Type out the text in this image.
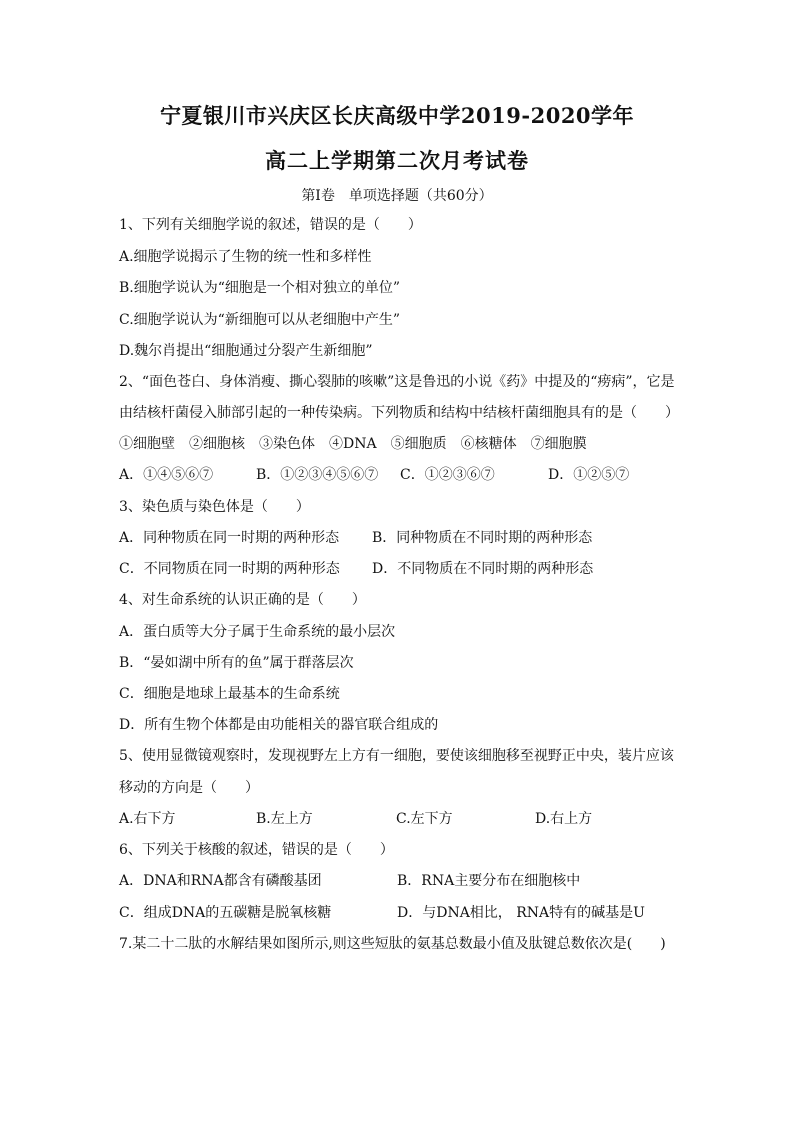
宁夏银川市兴庆区长庆高级中学2019-2020学年
高二上学期第二次月考试卷
第Ⅰ卷　单项选择题（共60分）
1、下列有关细胞学说的叙述，错误的是（　　）
A.细胞学说揭示了生物的统一性和多样性
B.细胞学说认为“细胞是一个相对独立的单位”
C.细胞学说认为“新细胞可以从老细胞中产生”
D.魏尔肖提出“细胞通过分裂产生新细胞”
2、“面色苍白、身体消瘦、撕心裂肺的咳嗽”这是鲁迅的小说《药》中提及的“痨病”，它是
由结核杆菌侵入肺部引起的一种传染病。下列物质和结构中结核杆菌细胞具有的是（　　）
①细胞壁　②细胞核　③染色体　④DNA　⑤细胞质　⑥核糖体　⑦细胞膜
A．①④⑤⑥⑦	B．①②③④⑤⑥⑦ C．①②③⑥⑦	D．①②⑤⑦
3、染色质与染色体是（　　）
A．同种物质在同一时期的两种形态 B．同种物质在不同时期的两种形态
C．不同物质在同一时期的两种形态 D．不同物质在不同时期的两种形态
4、对生命系统的认识正确的是（　　）
A．蛋白质等大分子属于生命系统的最小层次
B．“晏如湖中所有的鱼”属于群落层次
C．细胞是地球上最基本的生命系统
D．所有生物个体都是由功能相关的器官联合组成的
5、使用显微镜观察时，发现视野左上方有一细胞，要使该细胞移至视野正中央，装片应该
移动的方向是（　　）
A.右下方	B.左上方	C.左下方	D.右上方
6、下列关于核酸的叙述，错误的是（　　）
A．DNA和RNA都含有磷酸基团	B．RNA主要分布在细胞核中
C．组成DNA的五碳糖是脱氧核糖	D．与DNA相比， RNA特有的碱基是U
7.某二十二肽的水解结果如图所示,则这些短肽的氨基总数最小值及肽键总数依次是(　　)
